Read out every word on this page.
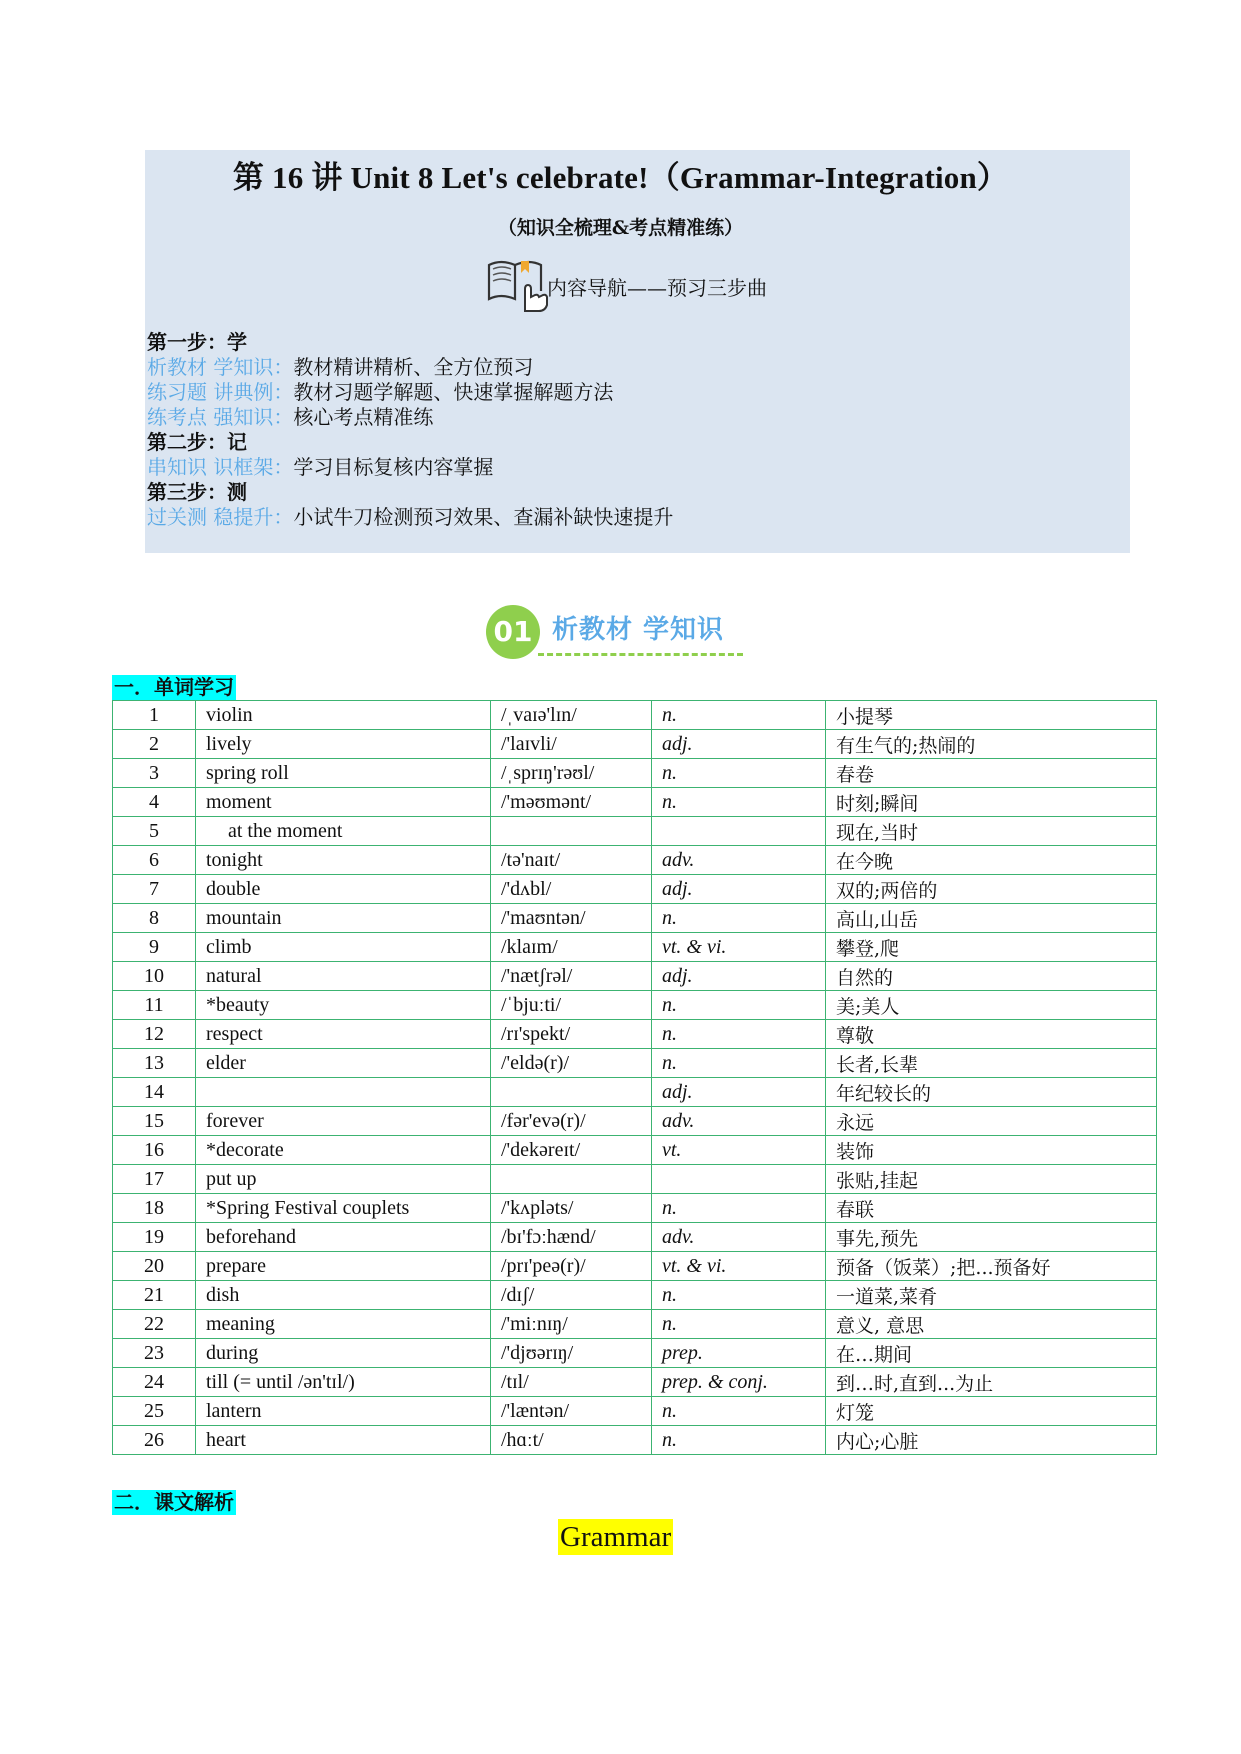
第 16 讲 Unit 8 Let's celebrate!（Grammar-Integration）
（知识全梳理&考点精准练）
内容导航——预习三步曲
第一步：学
析教材 学知识：教材精讲精析、全方位预习
练习题 讲典例：教材习题学解题、快速掌握解题方法
练考点 强知识：核心考点精准练
第二步：记
串知识 识框架：学习目标复核内容掌握
第三步：测
过关测 稳提升：小试牛刀检测预习效果、查漏补缺快速提升
01 析教材 学知识
一．单词学习
1	violin	/ˌvaɪə'lɪn/	n.	小提琴
2	lively	/'laɪvli/	adj.	有生气的;热闹的
3	spring roll	/ˌsprɪŋ'rəʊl/	n.	春卷
4	moment	/'məʊmənt/	n.	时刻;瞬间
5	at the moment			现在,当时
6	tonight	/tə'naɪt/	adv.	在今晚
7	double	/'dʌbl/	adj.	双的;两倍的
8	mountain	/'maʊntən/	n.	高山,山岳
9	climb	/klaɪm/	vt. & vi.	攀登,爬
10	natural	/'nætʃrəl/	adj.	自然的
11	*beauty	/ˈbjuːti/	n.	美;美人
12	respect	/rɪ'spekt/	n.	尊敬
13	elder	/'eldə(r)/	n.	长者,长辈
14			adj.	年纪较长的
15	forever	/fər'evə(r)/	adv.	永远
16	*decorate	/'dekəreɪt/	vt.	装饰
17	put up			张贴,挂起
18	*Spring Festival couplets	/'kʌpləts/	n.	春联
19	beforehand	/bɪ'fɔːhænd/	adv.	事先,预先
20	prepare	/prɪ'peə(r)/	vt. & vi.	预备（饭菜）;把...预备好
21	dish	/dɪʃ/	n.	一道菜,菜肴
22	meaning	/'miːnɪŋ/	n.	意义, 意思
23	during	/'djʊərɪŋ/	prep.	在…期间
24	till (= until /ən'tɪl/)	/tɪl/	prep. & conj.	到…时,直到...为止
25	lantern	/'læntən/	n.	灯笼
26	heart	/hɑːt/	n.	内心;心脏
二．课文解析
Grammar
